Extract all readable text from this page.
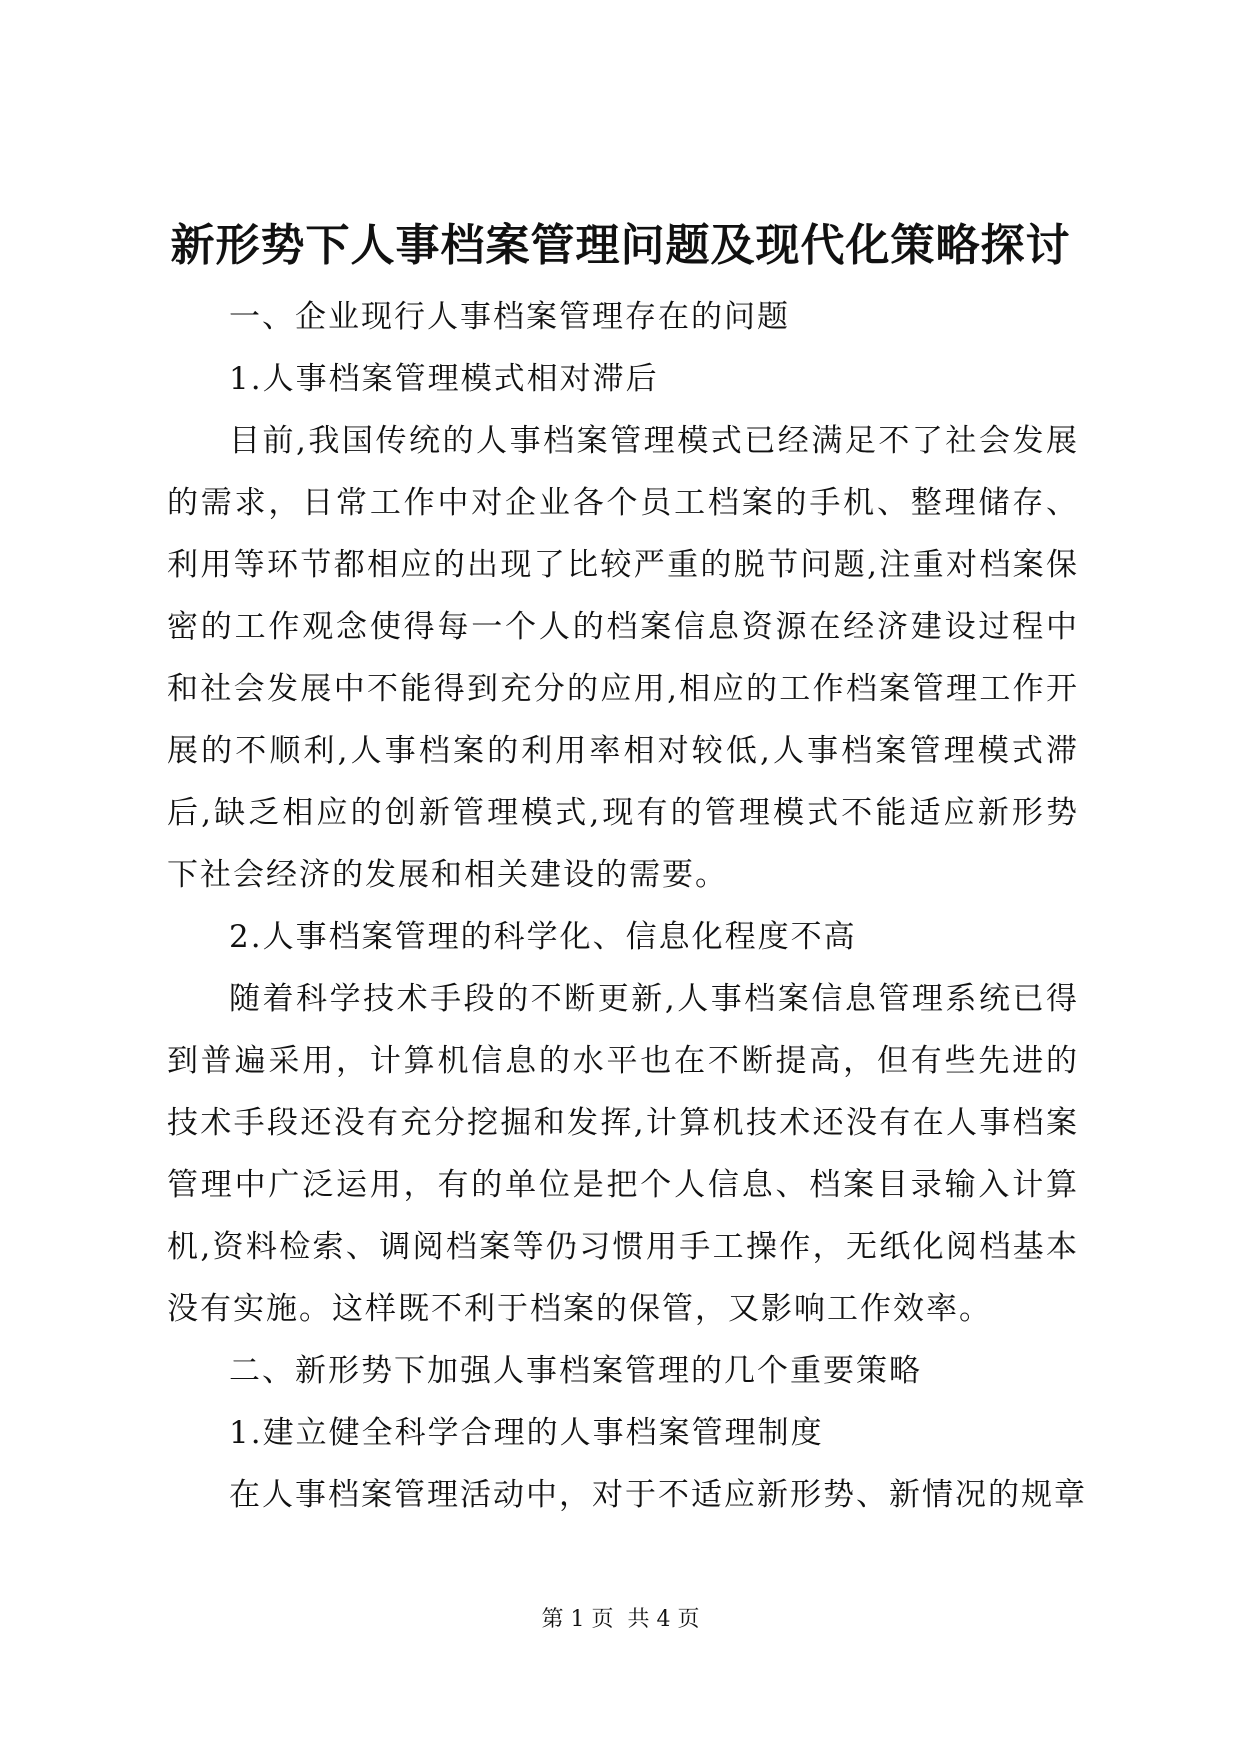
新形势下人事档案管理问题及现代化策略探讨

一、企业现行人事档案管理存在的问题

1.人事档案管理模式相对滞后

目前,我国传统的人事档案管理模式已经满足不了社会发展的需求，日常工作中对企业各个员工档案的手机、整理储存、利用等环节都相应的出现了比较严重的脱节问题,注重对档案保密的工作观念使得每一个人的档案信息资源在经济建设过程中和社会发展中不能得到充分的应用,相应的工作档案管理工作开展的不顺利,人事档案的利用率相对较低,人事档案管理模式滞后,缺乏相应的创新管理模式,现有的管理模式不能适应新形势下社会经济的发展和相关建设的需要。

2.人事档案管理的科学化、信息化程度不高

随着科学技术手段的不断更新,人事档案信息管理系统已得到普遍采用，计算机信息的水平也在不断提高，但有些先进的技术手段还没有充分挖掘和发挥,计算机技术还没有在人事档案管理中广泛运用，有的单位是把个人信息、档案目录输入计算机,资料检索、调阅档案等仍习惯用手工操作，无纸化阅档基本没有实施。这样既不利于档案的保管，又影响工作效率。

二、新形势下加强人事档案管理的几个重要策略

1.建立健全科学合理的人事档案管理制度

在人事档案管理活动中，对于不适应新形势、新情况的规章

第 1 页 共 4 页
